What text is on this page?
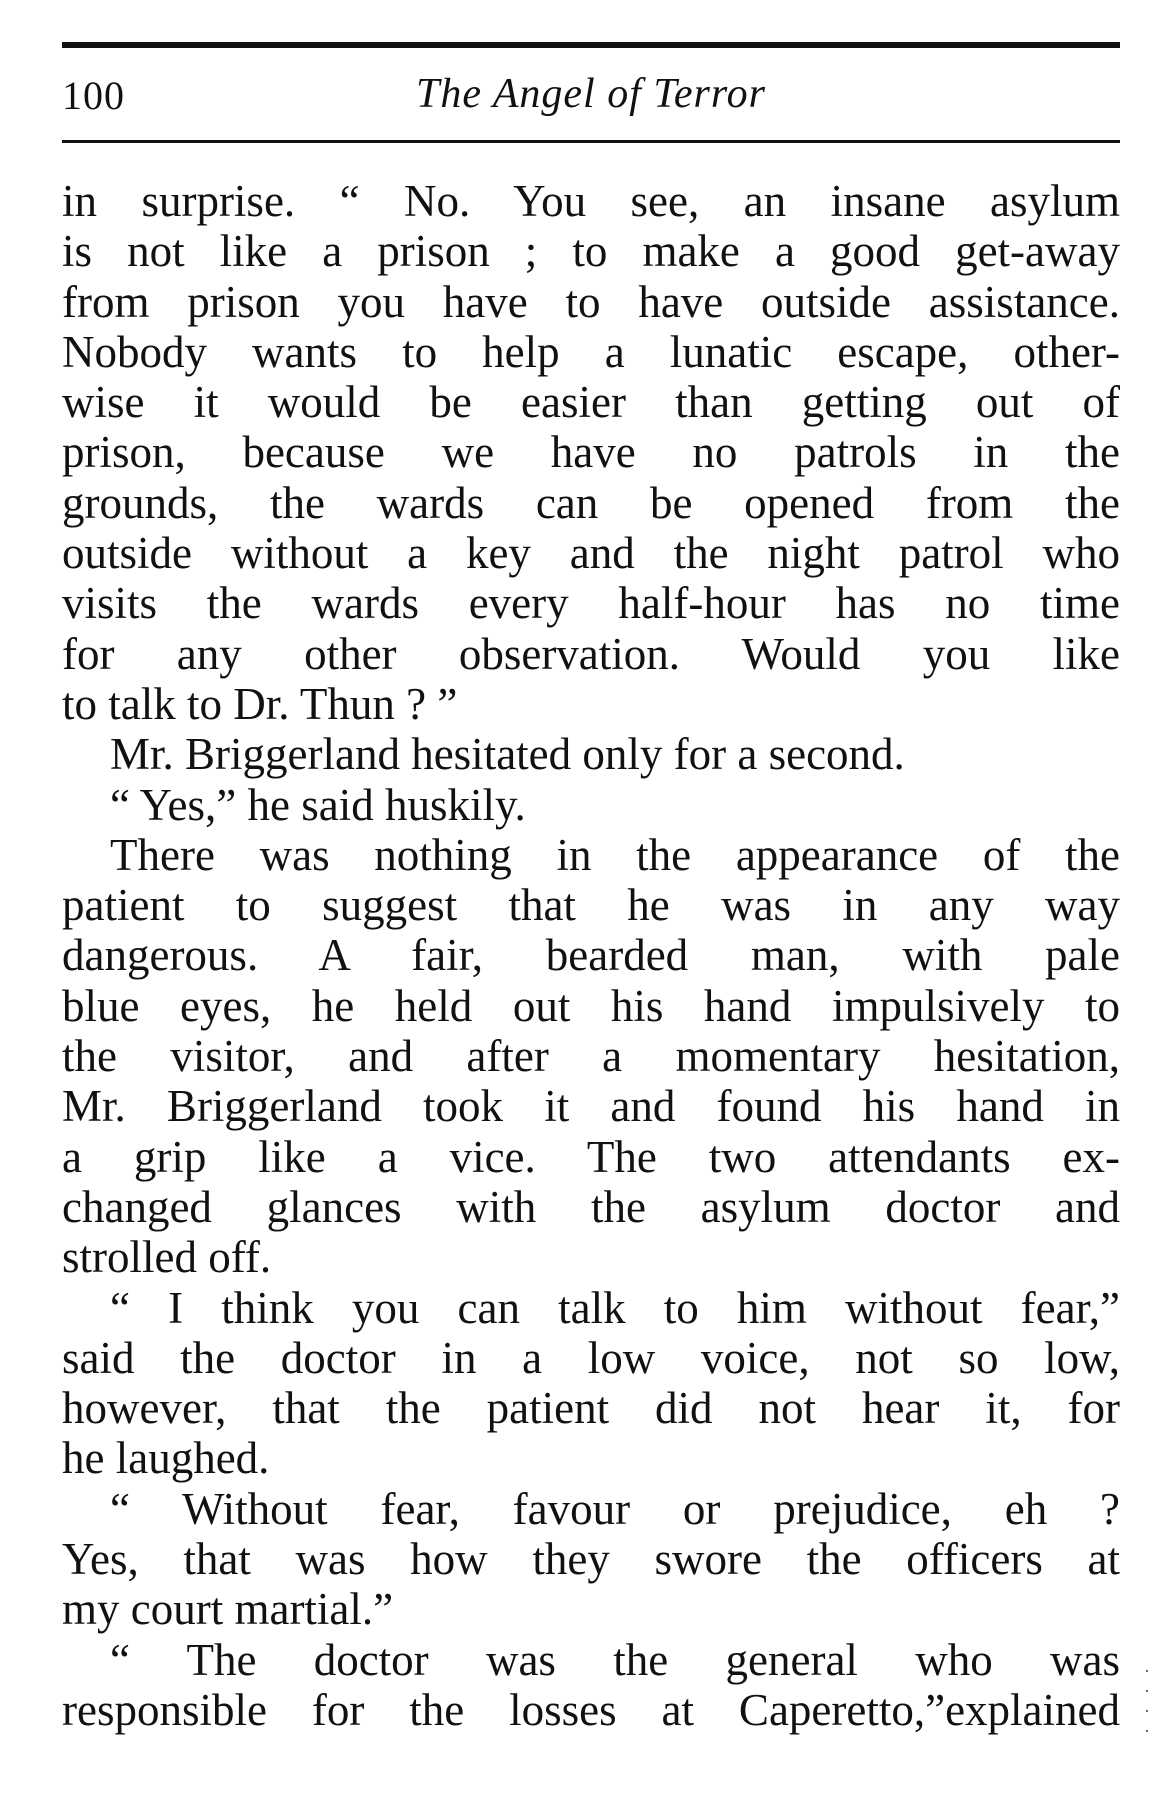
100	The Angel of Terror
in surprise. “ No. You see, an insane asylum
is not like a prison ; to make a good get-away
from prison you have to have outside assistance.
Nobody wants to help a lunatic escape, other-
wise it would be easier than getting out of
prison, because we have no patrols in the
grounds, the wards can be opened from the
outside without a key and the night patrol who
visits the wards every half-hour has no time
for any other observation. Would you like
to talk to Dr. Thun ? ”
Mr. Briggerland hesitated only for a second.
“ Yes,” he said huskily.
There was nothing in the appearance of the
patient to suggest that he was in any way
dangerous. A fair, bearded man, with pale
blue eyes, he held out his hand impulsively to
the visitor, and after a momentary hesitation,
Mr. Briggerland took it and found his hand in
a grip like a vice. The two attendants ex-
changed glances with the asylum doctor and
strolled off.
“ I think you can talk to him without fear,”
said the doctor in a low voice, not so low,
however, that the patient did not hear it, for
he laughed.
“ Without fear, favour or prejudice, eh ?
Yes, that was how they swore the officers at
my court martial.”
“ The doctor was the general who was
responsible for the losses at Caperetto,”explained
